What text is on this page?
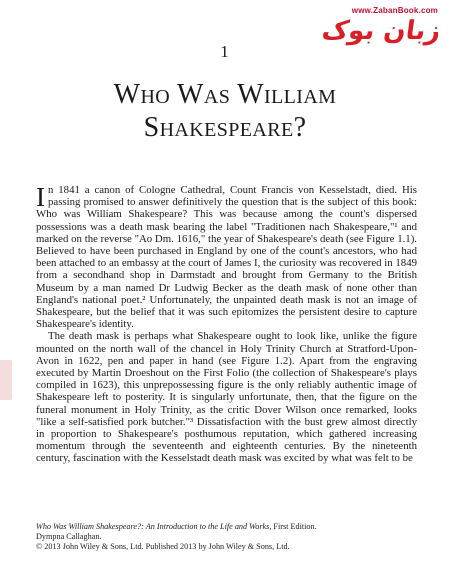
www.ZabanBook.com
زبان بوک
1
Who Was William
Shakespeare?

In 1841 a canon of Cologne Cathedral, Count Francis von Kesselstadt, died. His passing promised to answer definitively the question that is the subject of this book: Who was William Shakespeare? This was because among the count's dispersed possessions was a death mask bearing the label "Traditionen nach Shakespeare,"¹ and marked on the reverse "Ao Dm. 1616," the year of Shakespeare's death (see Figure 1.1). Believed to have been purchased in England by one of the count's ancestors, who had been attached to an embassy at the court of James I, the curiosity was recovered in 1849 from a secondhand shop in Darmstadt and brought from Germany to the British Museum by a man named Dr Ludwig Becker as the death mask of none other than England's national poet.² Unfortunately, the unpainted death mask is not an image of Shakespeare, but the belief that it was such epitomizes the persistent desire to capture Shakespeare's identity.

The death mask is perhaps what Shakespeare ought to look like, unlike the figure mounted on the north wall of the chancel in Holy Trinity Church at Stratford-Upon-Avon in 1622, pen and paper in hand (see Figure 1.2). Apart from the engraving executed by Martin Droeshout on the First Folio (the collection of Shakespeare's plays compiled in 1623), this unprepossessing figure is the only reliably authentic image of Shakespeare left to posterity. It is singularly unfortunate, then, that the figure on the funeral monument in Holy Trinity, as the critic Dover Wilson once remarked, looks "like a self-satisfied pork butcher."³ Dissatisfaction with the bust grew almost directly in proportion to Shakespeare's posthumous reputation, which gathered increasing momentum through the seventeenth and eighteenth centuries. By the nineteenth century, fascination with the Kesselstadt death mask was excited by what was felt to be

Who Was William Shakespeare?: An Introduction to the Life and Works, First Edition.
Dympna Callaghan.
© 2013 John Wiley & Sons, Ltd. Published 2013 by John Wiley & Sons, Ltd.
